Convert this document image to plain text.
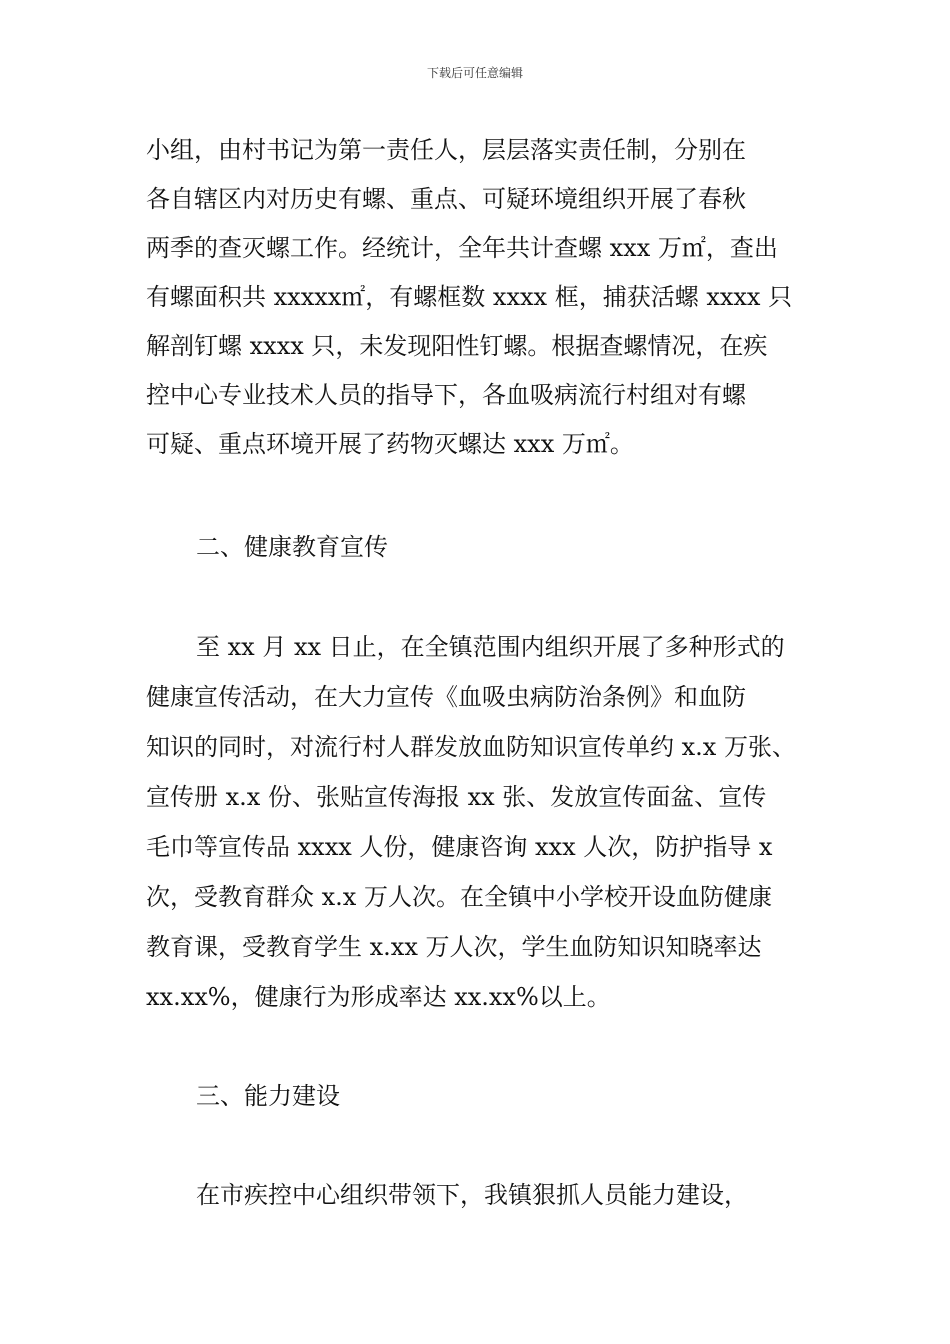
下载后可任意编辑
小组，由村书记为第一责任人，层层落实责任制，分别在
各自辖区内对历史有螺、重点、可疑环境组织开展了春秋
两季的查灭螺工作。经统计，全年共计查螺 xxx 万㎡，查出
有螺面积共 xxxxx㎡，有螺框数 xxxx 框，捕获活螺 xxxx 只
解剖钉螺 xxxx 只，未发现阳性钉螺。根据查螺情况，在疾
控中心专业技术人员的指导下，各血吸病流行村组对有螺
可疑、重点环境开展了药物灭螺达 xxx 万㎡。
二、健康教育宣传
至 xx 月 xx 日止，在全镇范围内组织开展了多种形式的
健康宣传活动，在大力宣传《血吸虫病防治条例》和血防
知识的同时，对流行村人群发放血防知识宣传单约 x.x 万张、
宣传册 x.x 份、张贴宣传海报 xx 张、发放宣传面盆、宣传
毛巾等宣传品 xxxx 人份，健康咨询 xxx 人次，防护指导 x
次，受教育群众 x.x 万人次。在全镇中小学校开设血防健康
教育课，受教育学生 x.xx 万人次，学生血防知识知晓率达
xx.xx%，健康行为形成率达 xx.xx%以上。
三、能力建设
在市疾控中心组织带领下，我镇狠抓人员能力建设，
